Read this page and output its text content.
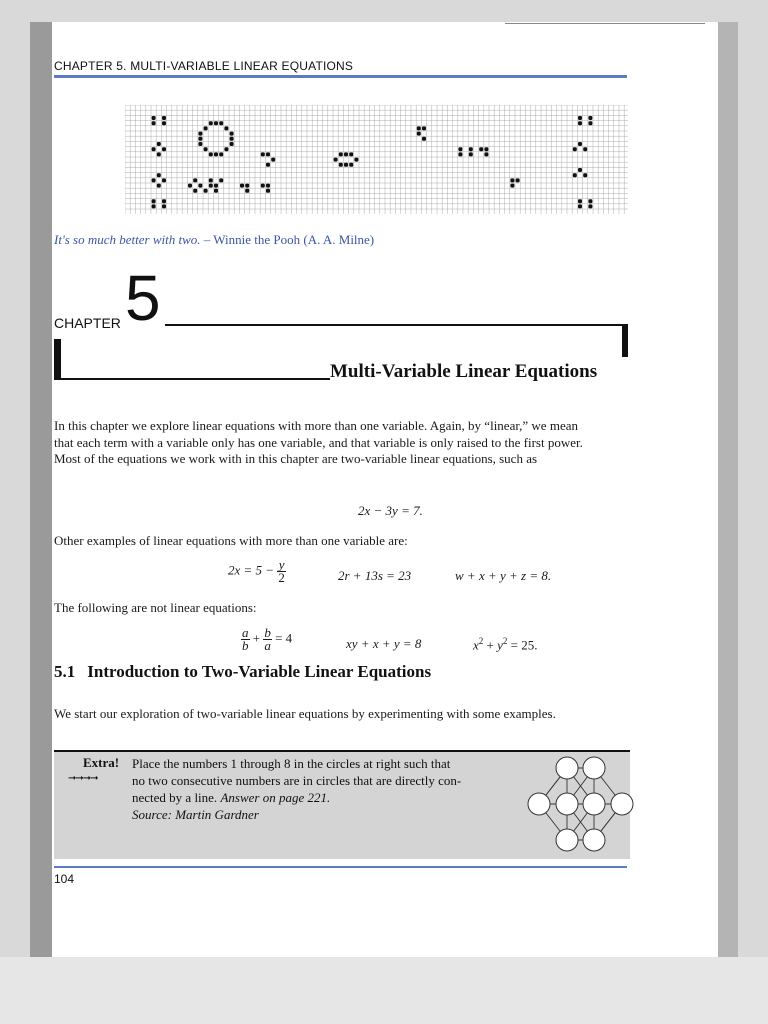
CHAPTER 5. MULTI-VARIABLE LINEAR EQUATIONS
It's so much better with two. – Winnie the Pooh (A. A. Milne)
CHAPTER 5
Multi-Variable Linear Equations
In this chapter we explore linear equations with more than one variable. Again, by “linear,” we mean
that each term with a variable only has one variable, and that variable is only raised to the first power.
Most of the equations we work with in this chapter are two-variable linear equations, such as
2x − 3y = 7.
Other examples of linear equations with more than one variable are:
$2x = 5 - \frac{y}{2}$	2r + 13s = 23	w + x + y + z = 8.
The following are not linear equations:
$\frac{a}{b} + \frac{b}{a} = 4$	xy + x + y = 8	$x^2 + y^2 = 25$.
5.1 Introduction to Two-Variable Linear Equations
We start our exploration of two-variable linear equations by experimenting with some examples.
Extra!
➞➞➞➞
Place the numbers 1 through 8 in the circles at right such that
no two consecutive numbers are in circles that are directly con-
nected by a line. Answer on page 221.
Source: Martin Gardner
104
